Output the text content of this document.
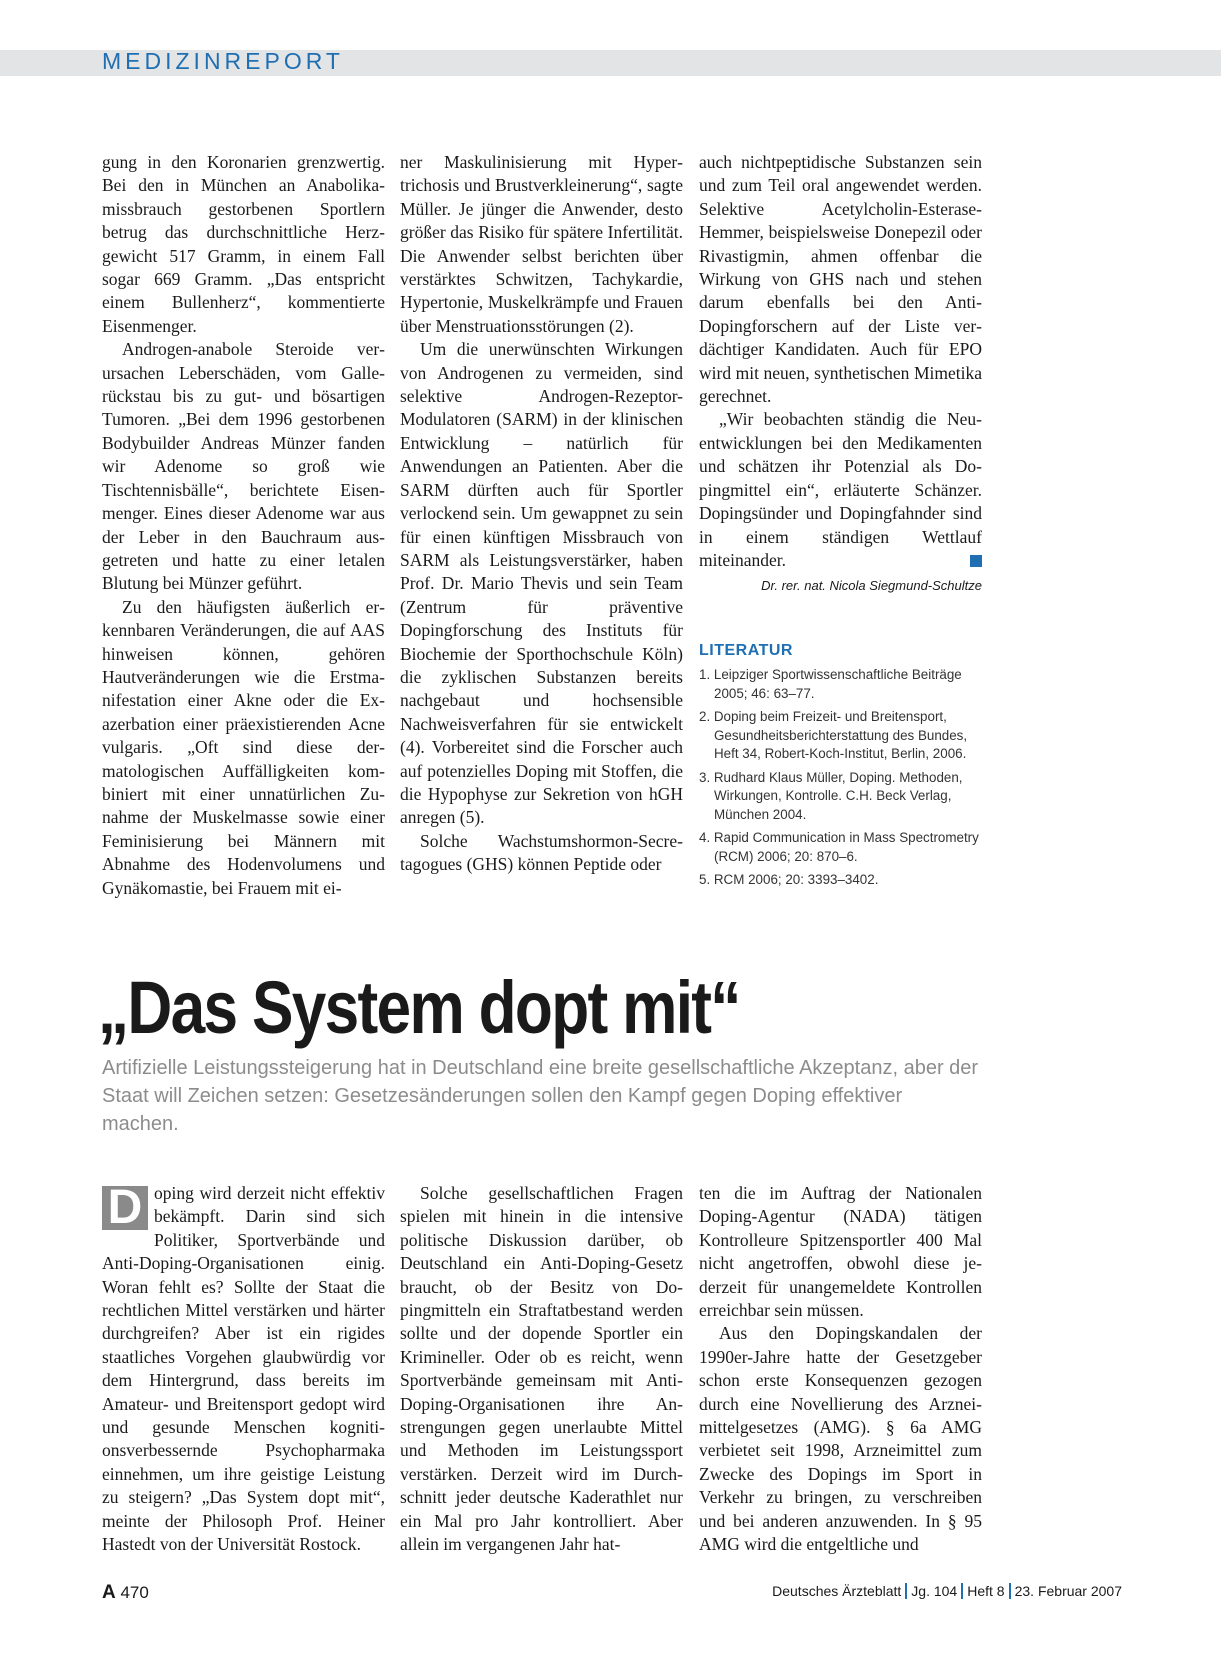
MEDIZINREPORT

gung in den Koronarien grenzwertig. Bei den in München an Anabolikamissbrauch gestorbenen Sportlern betrug das durchschnittliche Herzgewicht 517 Gramm, in einem Fall sogar 669 Gramm. „Das entspricht einem Bullenherz“, kommentierte Eisenmenger.

Androgen-anabole Steroide verursachen Leberschäden, vom Gallerückstau bis zu gut- und bösartigen Tumoren. „Bei dem 1996 gestorbenen Bodybuilder Andreas Münzer fanden wir Adenome so groß wie Tischtennisbälle“, berichtete Eisenmenger. Eines dieser Adenome war aus der Leber in den Bauchraum ausgetreten und hatte zu einer letalen Blutung bei Münzer geführt.

Zu den häufigsten äußerlich erkennbaren Veränderungen, die auf AAS hinweisen können, gehören Hautveränderungen wie die Erstmanifestation einer Akne oder die Exazerbation einer präexistierenden Acne vulgaris. „Oft sind diese dermatologischen Auffälligkeiten kombiniert mit einer unnatürlichen Zunahme der Muskelmasse sowie einer Feminisierung bei Männern mit Abnahme des Hodenvolumens und Gynäkomastie, bei Frauem mit ei-

ner Maskulinisierung mit Hypertrichosis und Brustverkleinerung“, sagte Müller. Je jünger die Anwender, desto größer das Risiko für spätere Infertilität. Die Anwender selbst berichten über verstärktes Schwitzen, Tachykardie, Hypertonie, Muskelkrämpfe und Frauen über Menstruationsstörungen (2).

Um die unerwünschten Wirkungen von Androgenen zu vermeiden, sind selektive Androgen-Rezeptor-Modulatoren (SARM) in der klinischen Entwicklung – natürlich für Anwendungen an Patienten. Aber die SARM dürften auch für Sportler verlockend sein. Um gewappnet zu sein für einen künftigen Missbrauch von SARM als Leistungsverstärker, haben Prof. Dr. Mario Thevis und sein Team (Zentrum für präventive Dopingforschung des Instituts für Biochemie der Sporthochschule Köln) die zyklischen Substanzen bereits nachgebaut und hochsensible Nachweisverfahren für sie entwickelt (4). Vorbereitet sind die Forscher auch auf potenzielles Doping mit Stoffen, die die Hypophyse zur Sekretion von hGH anregen (5).

Solche Wachstumshormon-Secretagogues (GHS) können Peptide oder

auch nichtpeptidische Substanzen sein und zum Teil oral angewendet werden. Selektive Acetylcholin-Esterase-Hemmer, beispielsweise Donepezil oder Rivastigmin, ahmen offenbar die Wirkung von GHS nach und stehen darum ebenfalls bei den Anti-Dopingforschern auf der Liste verdächtiger Kandidaten. Auch für EPO wird mit neuen, synthetischen Mimetika gerechnet.

„Wir beobachten ständig die Neuentwicklungen bei den Medikamenten und schätzen ihr Potenzial als Dopingmittel ein“, erläuterte Schänzer. Dopingsünder und Dopingfahnder sind in einem ständigen Wettlauf miteinander.

Dr. rer. nat. Nicola Siegmund-Schultze
LITERATUR
1. Leipziger Sportwissenschaftliche Beiträge 2005; 46: 63–77.
2. Doping beim Freizeit- und Breitensport, Gesundheitsberichterstattung des Bundes, Heft 34, Robert-Koch-Institut, Berlin, 2006.
3. Rudhard Klaus Müller, Doping. Methoden, Wirkungen, Kontrolle. C.H. Beck Verlag, München 2004.
4. Rapid Communication in Mass Spectrometry (RCM) 2006; 20: 870–6.
5. RCM 2006; 20: 3393–3402.
„Das System dopt mit“
Artifizielle Leistungssteigerung hat in Deutschland eine breite gesellschaftliche Akzeptanz, aber der Staat will Zeichen setzen: Gesetzesänderungen sollen den Kampf gegen Doping effektiver machen.

D oping wird derzeit nicht effektiv bekämpft. Darin sind sich Politiker, Sportverbände und Anti-Doping-Organisationen einig. Woran fehlt es? Sollte der Staat die rechtlichen Mittel verstärken und härter durchgreifen? Aber ist ein rigides staatliches Vorgehen glaubwürdig vor dem Hintergrund, dass bereits im Amateur- und Breitensport gedopt wird und gesunde Menschen kognitionsverbessernde Psychopharmaka einnehmen, um ihre geistige Leistung zu steigern? „Das System dopt mit“, meinte der Philosoph Prof. Heiner Hastedt von der Universität Rostock.

Solche gesellschaftlichen Fragen spielen mit hinein in die intensive politische Diskussion darüber, ob Deutschland ein Anti-Doping-Gesetz braucht, ob der Besitz von Dopingmitteln ein Straftatbestand werden sollte und der dopende Sportler ein Krimineller. Oder ob es reicht, wenn Sportverbände gemeinsam mit Anti-Doping-Organisationen ihre Anstrengungen gegen unerlaubte Mittel und Methoden im Leistungssport verstärken. Derzeit wird im Durchschnitt jeder deutsche Kaderathlet nur ein Mal pro Jahr kontrolliert. Aber allein im vergangenen Jahr hat-

ten die im Auftrag der Nationalen Doping-Agentur (NADA) tätigen Kontrolleure Spitzensportler 400 Mal nicht angetroffen, obwohl diese jederzeit für unangemeldete Kontrollen erreichbar sein müssen.

Aus den Dopingskandalen der 1990er-Jahre hatte der Gesetzgeber schon erste Konsequenzen gezogen durch eine Novellierung des Arzneimittelgesetzes (AMG). § 6a AMG verbietet seit 1998, Arzneimittel zum Zwecke des Dopings im Sport in Verkehr zu bringen, zu verschreiben und bei anderen anzuwenden. In § 95 AMG wird die entgeltliche und

A 470	Deutsches Ärzteblatt Jg. 104 Heft 8 23. Februar 2007
